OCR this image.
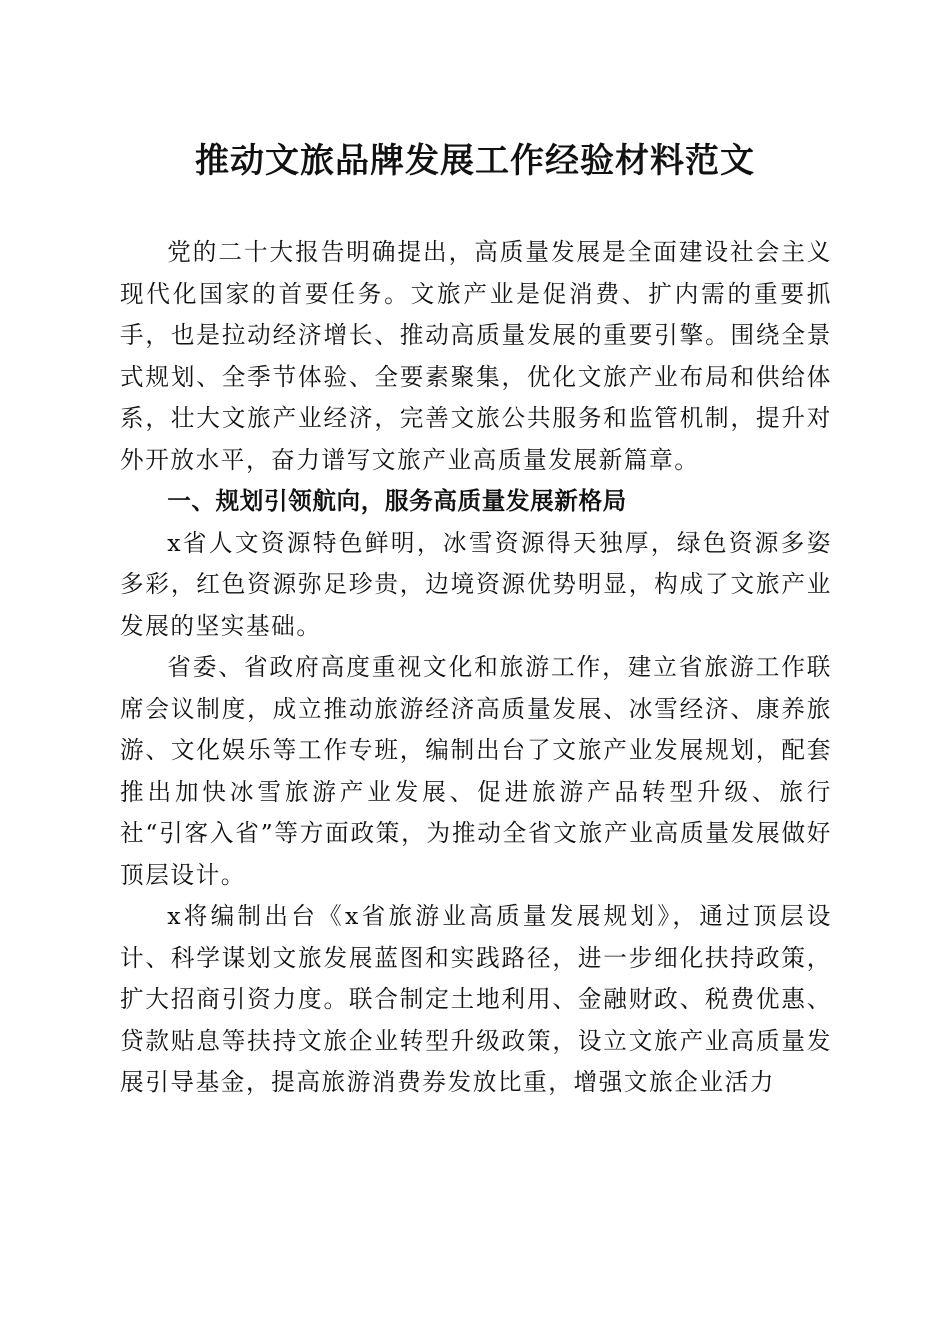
推动文旅品牌发展工作经验材料范文

党的二十大报告明确提出，高质量发展是全面建设社会主义现代化国家的首要任务。文旅产业是促消费、扩内需的重要抓手，也是拉动经济增长、推动高质量发展的重要引擎。围绕全景式规划、全季节体验、全要素聚集，优化文旅产业布局和供给体系，壮大文旅产业经济，完善文旅公共服务和监管机制，提升对外开放水平，奋力谱写文旅产业高质量发展新篇章。

一、规划引领航向，服务高质量发展新格局

x省人文资源特色鲜明，冰雪资源得天独厚，绿色资源多姿多彩，红色资源弥足珍贵，边境资源优势明显，构成了文旅产业发展的坚实基础。

省委、省政府高度重视文化和旅游工作，建立省旅游工作联席会议制度，成立推动旅游经济高质量发展、冰雪经济、康养旅游、文化娱乐等工作专班，编制出台了文旅产业发展规划，配套推出加快冰雪旅游产业发展、促进旅游产品转型升级、旅行社“引客入省”等方面政策，为推动全省文旅产业高质量发展做好顶层设计。

x将编制出台《x省旅游业高质量发展规划》，通过顶层设计、科学谋划文旅发展蓝图和实践路径，进一步细化扶持政策，扩大招商引资力度。联合制定土地利用、金融财政、税费优惠、贷款贴息等扶持文旅企业转型升级政策，设立文旅产业高质量发展引导基金，提高旅游消费券发放比重，增强文旅企业活力
